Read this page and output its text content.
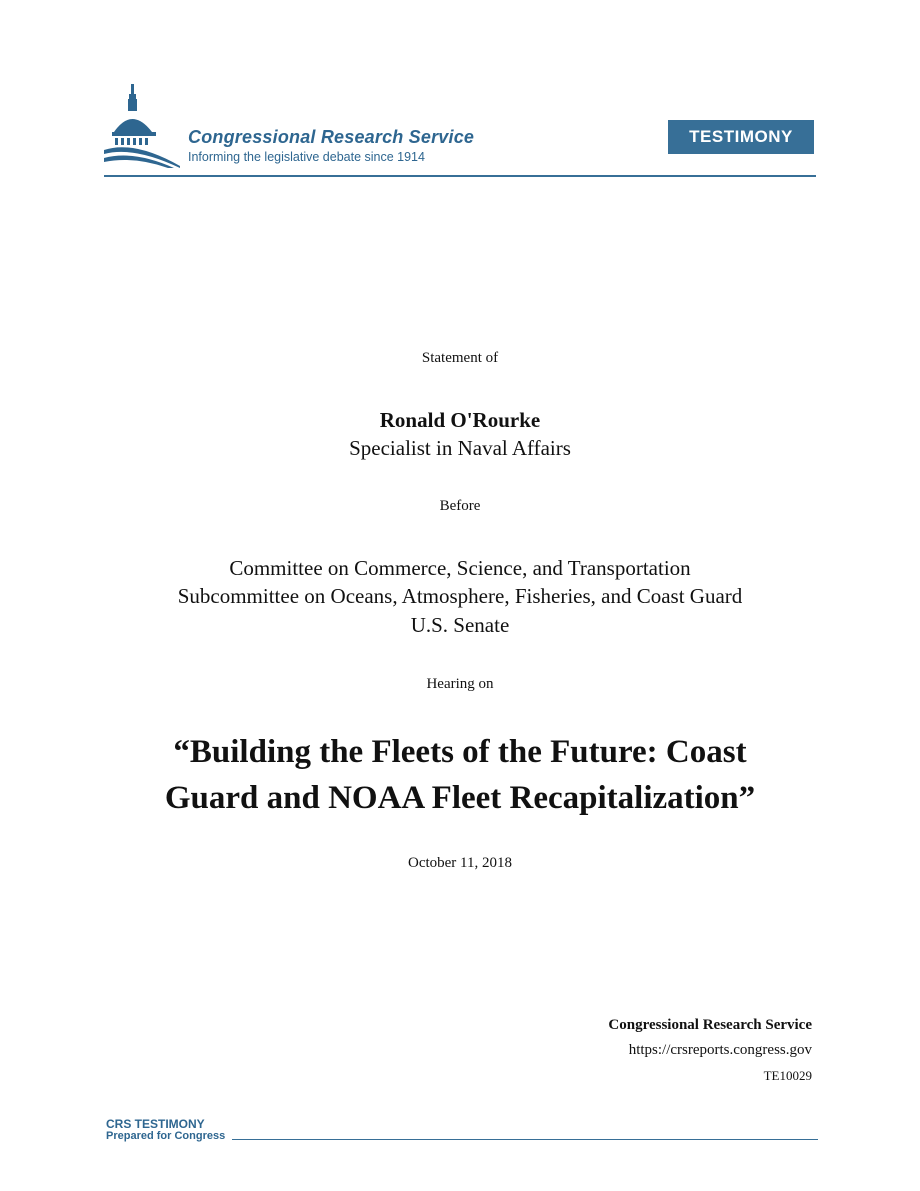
Congressional Research Service
Informing the legislative debate since 1914
TESTIMONY
Statement of
Ronald O'Rourke
Specialist in Naval Affairs
Before
Committee on Commerce, Science, and Transportation
Subcommittee on Oceans, Atmosphere, Fisheries, and Coast Guard
U.S. Senate
Hearing on
“Building the Fleets of the Future: Coast
Guard and NOAA Fleet Recapitalization”
October 11, 2018
Congressional Research Service
https://crsreports.congress.gov
TE10029
CRS TESTIMONY
Prepared for Congress
